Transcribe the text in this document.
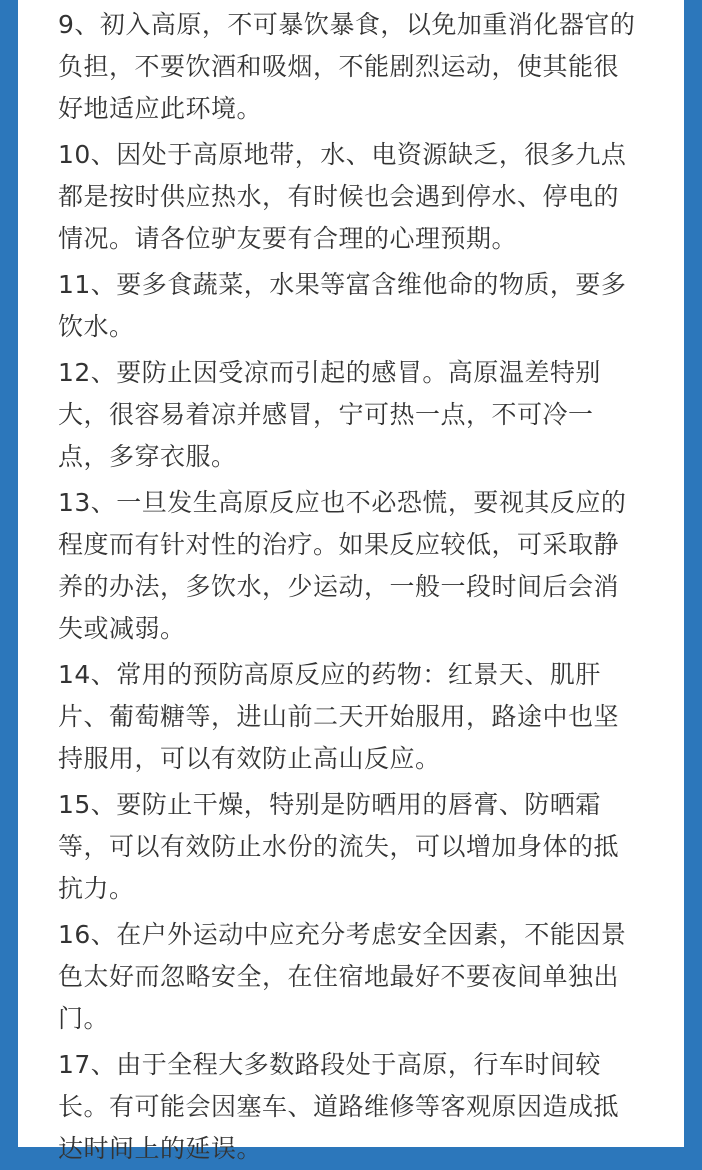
9、初入高原，不可暴饮暴食，以免加重消化器官的负担，不要饮酒和吸烟，不能剧烈运动，使其能很好地适应此环境。

10、因处于高原地带，水、电资源缺乏，很多九点都是按时供应热水，有时候也会遇到停水、停电的情况。请各位驴友要有合理的心理预期。

11、要多食蔬菜，水果等富含维他命的物质，要多饮水。

12、要防止因受凉而引起的感冒。高原温差特别大，很容易着凉并感冒，宁可热一点，不可冷一点，多穿衣服。

13、一旦发生高原反应也不必恐慌，要视其反应的程度而有针对性的治疗。如果反应较低，可采取静养的办法，多饮水，少运动，一般一段时间后会消失或减弱。

14、常用的预防高原反应的药物：红景天、肌肝片、葡萄糖等，进山前二天开始服用，路途中也坚持服用，可以有效防止高山反应。

15、要防止干燥，特别是防晒用的唇膏、防晒霜等，可以有效防止水份的流失，可以增加身体的抵抗力。

16、在户外运动中应充分考虑安全因素，不能因景色太好而忽略安全，在住宿地最好不要夜间单独出门。

17、由于全程大多数路段处于高原，行车时间较长。有可能会因塞车、道路维修等客观原因造成抵达时间上的延误。
